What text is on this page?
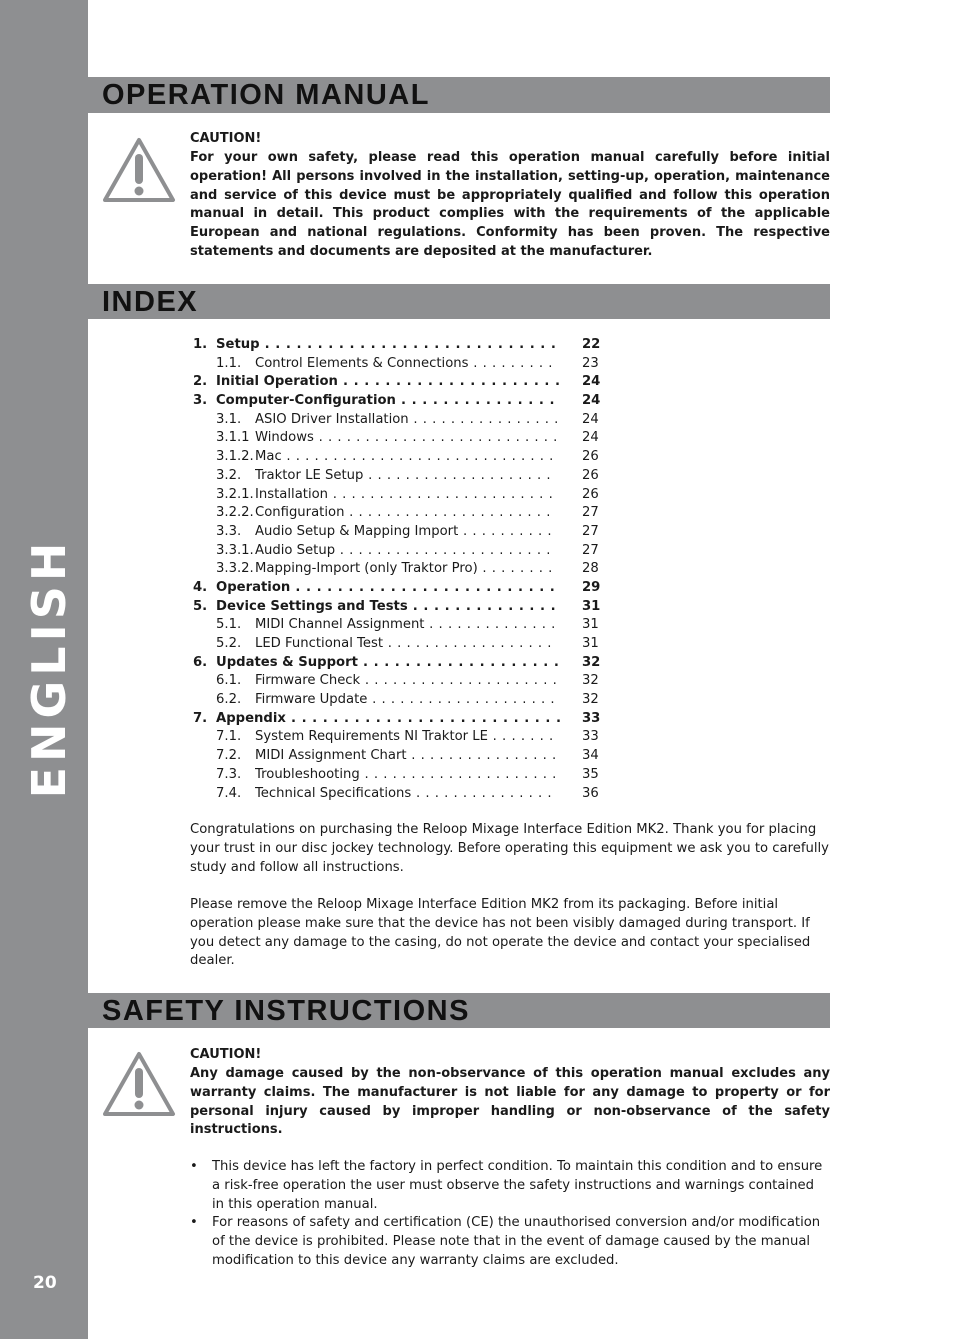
ENGLISH
20
OPERATION MANUAL
CAUTION!

For your own safety, please read this operation manual carefully before initial operation! All persons involved in the installation, setting-up, operation, maintenance and service of this device must be appropriately qualified and follow this operation manual in detail. This product complies with the requirements of the applicable European and national regulations. Conformity has been proven. The respective statements and documents are deposited at the manufacturer.

INDEX
1. Setup . . .	22
1.1. Control Elements & Connections . . .	23
2. Initial Operation . . .	24
3. Computer-Configuration . . .	24
3.1. ASIO Driver Installation . . .	24
3.1.1 Windows . . .	24
3.1.2. Mac . . .	26
3.2. Traktor LE Setup . . .	26
3.2.1. Installation . . .	26
3.2.2. Configuration . . .	27
3.3. Audio Setup & Mapping Import . . .	27
3.3.1. Audio Setup . . .	27
3.3.2. Mapping-Import (only Traktor Pro) . . .	28
4. Operation . . .	29
5. Device Settings and Tests . . .	31
5.1. MIDI Channel Assignment . . .	31
5.2. LED Functional Test . . .	31
6. Updates & Support . . .	32
6.1. Firmware Check . . .	32
6.2. Firmware Update . . .	32
7. Appendix . . .	33
7.1. System Requirements NI Traktor LE . . .	33
7.2. MIDI Assignment Chart . . .	34
7.3. Troubleshooting . . .	35
7.4. Technical Specifications . . .	36

Congratulations on purchasing the Reloop Mixage Interface Edition MK2. Thank you for placing your trust in our disc jockey technology. Before operating this equipment we ask you to carefully study and follow all instructions.

Please remove the Reloop Mixage Interface Edition MK2 from its packaging. Before initial operation please make sure that the device has not been visibly damaged during transport. If you detect any damage to the casing, do not operate the device and contact your specialised dealer.

SAFETY INSTRUCTIONS
CAUTION!

Any damage caused by the non-observance of this operation manual excludes any warranty claims. The manufacturer is not liable for any damage to property or for personal injury caused by improper handling or non-observance of the safety instructions.

• This device has left the factory in perfect condition. To maintain this condition and to ensure a risk-free operation the user must observe the safety instructions and warnings contained in this operation manual.
• For reasons of safety and certification (CE) the unauthorised conversion and/or modification of the device is prohibited. Please note that in the event of damage caused by the manual modification to this device any warranty claims are excluded.
